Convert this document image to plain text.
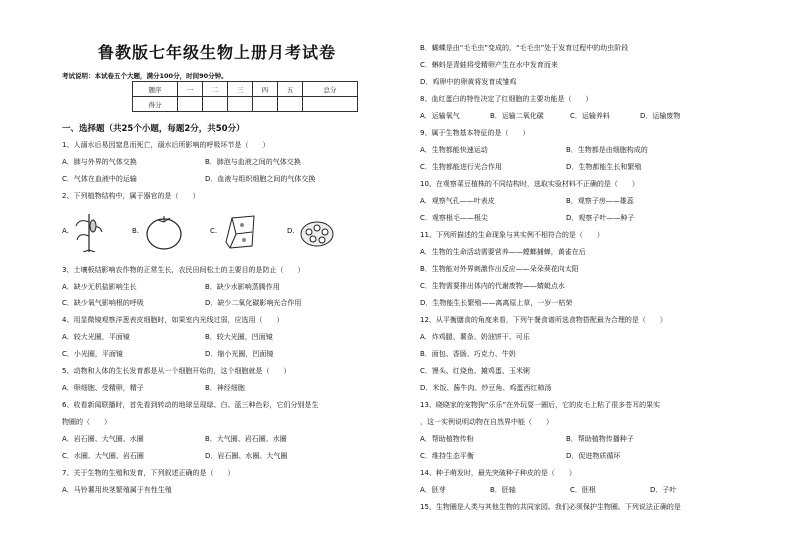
鲁教版七年级生物上册月考试卷
考试说明：本试卷五个大题，满分100分，时间90分钟。
题序	一	二	三	四	五	总分
得分						
一、选择题（共25个小题，每题2分，共50分）
1、人溺水后易因窒息而死亡，溺水后所影响的呼吸环节是（　　）
A．肺与外界的气体交换	B．肺泡与血液之间的气体交换
C．气体在血液中的运输	D．血液与组织细胞之间的气体交换
2、下列植物结构中，属于器官的是（　　）
A.	B.	C.	D.
3、土壤板结影响农作物的正常生长，农民田间松土的主要目的是防止（　　）
A．缺少无机盐影响生长	B．缺少水影响蒸腾作用
C．缺少氧气影响根的呼吸	D．缺少二氧化碳影响光合作用
4、用显微镜观察洋葱表皮细胞时，如果室内光线过弱，应选用（　　）
A．较大光圈，平面镜	B．较大光圈，凹面镜
C．小光圈，平面镜	D．缩小光圈，凹面镜
5、动物和人体的生长发育都是从一个细胞开始的，这个细胞就是（　　）
A．卵细胞、受精卵，精子	B．神经细胞
6、收看新闻联播时，首先看到转动的地球呈现绿、白、蓝三种色彩，它们分别是生
物圈的（　　）
A．岩石圈、大气圈、水圈	B．大气圈、岩石圈、水圈
C．水圈、大气圈、岩石圈	D．岩石圈、水圈、大气圈
7、关于生物的生殖和发育，下列叙述正确的是（　　）
A．马铃薯用块茎繁殖属于有性生殖
B．蝴蝶是由“毛毛虫”变成的，“毛毛虫”处于发育过程中的幼虫阶段
C．蝌蚪是青蛙将受精卵产生在水中发育而来
D．鸡卵中的卵黄将发育成雏鸡
8、血红蛋白的特性决定了红细胞的主要功能是（　　）
A．运输氧气	B．运输二氧化碳	C．运输养料	D．运输废物
9、属于生物基本特征的是（　　）
A．生物都能快速运动	B．生物都是由细胞构成的
C．生物都能进行光合作用	D．生物都能生长和繁殖
10、在观察菜豆植株的不同结构时，选取实验材料不正确的是（　　）
A．观察气孔——叶表皮	B．观察子房——雄蕊
C．观察根毛——根尖	D．观察子叶——种子
11、下列所描述的生命现象与其实例不相符合的是（　　）
A．生物的生命活动需要营养——螳螂捕蝉，黄雀在后
B．生物能对外界刺激作出反应——朵朵葵花向太阳
C．生物需要排出体内的代谢废物——蜻蜓点水
D．生物能生长繁殖——离离原上草，一岁一枯荣
12、从平衡膳食的角度来看，下列午餐食谱所选食物搭配最为合理的是（　　）
A．炸鸡腿、薯条、奶油饼干、可乐
B．面包、香肠、巧克力、牛奶
C．馒头、红烧鱼、摊鸡蛋、玉米粥
D．米饭、酱牛肉、炒豆角、鸡蛋西红柿汤
13、晓晓家的宠物狗“乐乐”在外玩耍一圈后，它的皮毛上粘了很多苍耳的果实
，这一实例说明动物在自然界中能（　　）
A．帮助植物传粉	B．帮助植物传播种子
C．维持生态平衡	D．促进物质循环
14、种子萌发时，最先突破种子种皮的是（　　）
A．胚芽	B．胚轴	C．胚根	D．子叶
15、生物圈是人类与其他生物的共同家园。我们必须保护生物圈。下列说法正确的是
